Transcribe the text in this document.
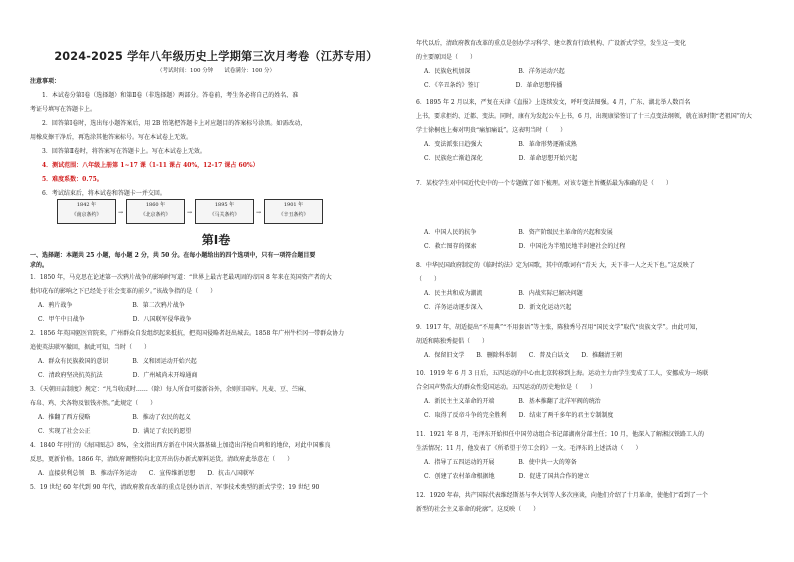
2024-2025 学年八年级历史上学期第三次月考卷（江苏专用）
（考试时间：100 分钟　　试卷满分：100 分）
注意事项：
1．本试卷分第Ⅰ卷（选择题）和第Ⅱ卷（非选择题）两部分。答卷前，考生务必将自己的姓名、准
考证号填写在答题卡上。
2．回答第Ⅰ卷时，选出每小题答案后，用 2B 铅笔把答题卡上对应题目的答案标号涂黑。如需改动，
用橡皮擦干净后，再选涂其他答案标号。写在本试卷上无效。
3．回答第Ⅱ卷时，将答案写在答题卡上。写在本试卷上无效。
4．测试范围：八年级上册第 1~17 课（1-11 课占 40%，12-17 课占 60%）
5．难度系数：0.75。
6．考试结束后，将本试卷和答题卡一并交回。
第Ⅰ卷
一、选择题：本题共 25 小题，每小题 2 分，共 50 分。在每小题给出的四个选项中，只有一项符合题目要
求的。
1．1850 年，马克思在论述第一次鸦片战争的影响时写道：“世界上最古老最巩固的帝国 8 年来在英国资产者的大
批印花布的影响之下已经处于社会变革的前夕。”该战争指的是（　　）
A．鸦片战争　　　　　　　　　　B．第二次鸦片战争
C．甲午中日战争　　　　　　　　D．八国联军侵华战争
2．1856 年英国驱医官院来，广州群众自发组织起来抵抗，把英国侵略者赶出城去。1858 年广州牛栏冈一带群众协力
追使英法联军撤回，据此可知，当时（　　）
A．群众有民族救国的意识　　　　B．义和团运动开始兴起
C．清政府坚决抗英抗法　　　　　D．广州城尚未开埠通商
3．《天朝田亩制度》规定：“凡当收成时……（除）每人所食可接新谷外，余则归国库。凡麦、豆、苎麻、
布帛、鸡、犬各物及银钱亦然。”此规定（　　）
A．推翻了西方侵略　　　　　　　B．推动了农民的起义
C．实现了社会公正　　　　　　　D．满足了农民的愿望
4．1840 年刊行的《海国图志》8%，全文指出西方新在中国火器基础上加造出洋枪自鸣和的地位，对此中国雅良
反思，更新价格。1866 年，清政府调整转向北京开出仿办新式原料运货。清政府此举意在（　　）
A．直接获利总领　B．推动洋务运动　　C．宣传维新思想　　D．抗击八国联军
5．19 世纪 60 年代到 90 年代，清政府教育改革的重点是创办语言、军事技术类型的新式学堂；19 世纪 90
年代以后，清政府教育改革的重点是创办学习科学、建立教育行政机构、广设新式学堂，发生这一变化
的主要原因是（　　）
A．民族危机加深　　　　　　　　B．洋务运动兴起
C．《辛丑条约》签订　　　　　　D．革命思想传播
6．1895 年 2 月以来，严复在天津《直报》上连续发文，呼吁变法图强。4 月，广东、湖北举人数百名
上书，要求拒约、迁都、变法。同时，康有为发起公车上书，6 月，出现康梁签订了十三点变法纲领，就在该时期“老祖国”的大
学士徐桐也上奏对明贵“痛加痛诋”。这表明当时（　　）
A．变法派张日趋强大　　　　　　B．革命形势逐渐成熟
C．民族危亡渐趋深化　　　　　　D．革命思想开始兴起
7．某校学生对中国近代史中的一个专题做了如下梳理。对该专题主旨概括最为准确的是（　　）
A．中国人民的抗争　　　　　　　B．资产阶级民主革命的兴起和发展
C．救亡图存的探索　　　　　　　D．中国沦为半殖民地半封建社会的过程
8．中华民国政府制定的《临时约法》定为国歌，其中的歌词有“青天 大，天下非一人之天下也。”这反映了
（　　）
A．民主共和成为潮流　　　　　　B．内战实际已解决问题
C．洋务运动逐步深入　　　　　　D．新文化运动兴起
9．1917 年，胡适提出“不用典”“不用套语”等主张，陈独秀号召用“国民文学”取代“贵族文学”。由此可知，
胡适和陈独秀提倡（　　）
A．保留旧文学　　B．删除科举制　　C．普及白话文　　D．推翻清王朝
10．1919 年 6 月 3 日后，五四运动的中心由北京转移到上海。运动主力由学生变成了工人，安挪成为一场联
合全国声势浩大的群众性爱国运动。五四运动的历史地位是（　　）
A．新民主主义革命的开端　　　　B．基本推翻了北洋军阀的统治
C．取得了反帝斗争的完全胜利　　D．结束了两千多年的君主专制制度
11．1921 年 8 月，毛泽东开始担任中国劳动组合书记部湖南分部主任；10 月，他深入了解湘汉铁路工人的
生活情况；11 月，他发表了《所希望于劳工会的》一文。毛泽东的上述活动（　　）
A．指导了五四运动的开展　　　　B．使中共一大的筹备
C．创建了农村革命根据地　　　　D．促进了国共合作的建立
12．1920 年春，共产国际代表维经斯基与李大钊等人多次座谈，向他们介绍了十月革命，使他们“看到了一个
新型的社会主义革命的轮廓”。这反映（　　）
1842 年
《南京条约》	→
1860 年
《北京条约》	→
1895 年
《马关条约》	→
1901 年
《辛丑条约》
